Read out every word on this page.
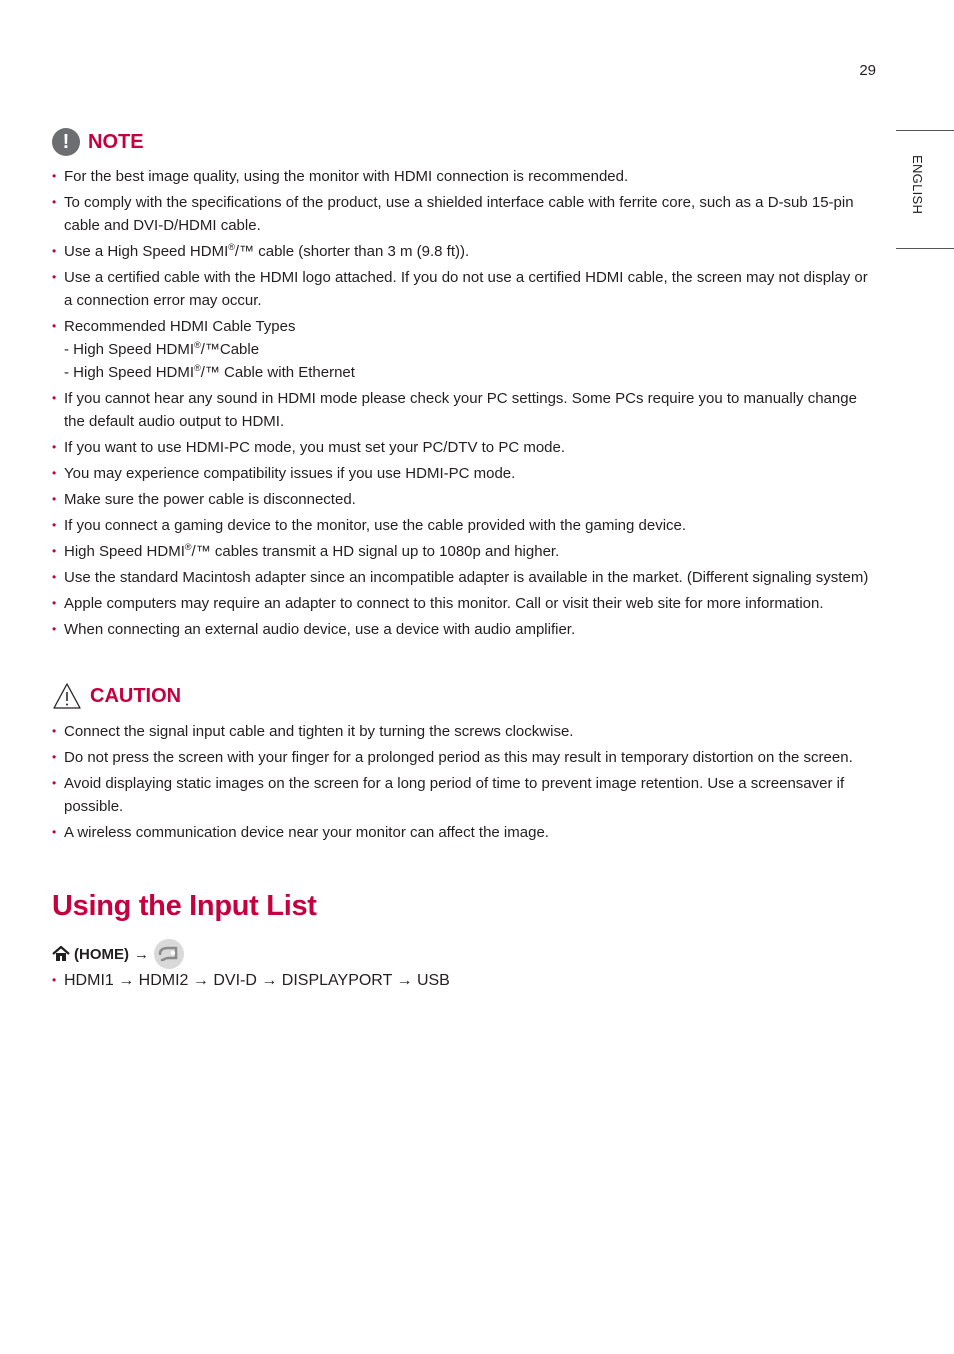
29
ENGLISH
! NOTE
• For the best image quality, using the monitor with HDMI connection is recommended.
• To comply with the specifications of the product, use a shielded interface cable with ferrite core, such as a D-sub 15-pin cable and DVI-D/HDMI cable.
• Use a High Speed HDMI®/™ cable (shorter than 3 m (9.8 ft)).
• Use a certified cable with the HDMI logo attached. If you do not use a certified HDMI cable, the screen may not display or a connection error may occur.
• Recommended HDMI Cable Types
- High Speed HDMI®/™Cable
- High Speed HDMI®/™ Cable with Ethernet
• If you cannot hear any sound in HDMI mode please check your PC settings. Some PCs require you to manually change the default audio output to HDMI.
• If you want to use HDMI-PC mode, you must set your PC/DTV to PC mode.
• You may experience compatibility issues if you use HDMI-PC mode.
• Make sure the power cable is disconnected.
• If you connect a gaming device to the monitor, use the cable provided with the gaming device.
• High Speed HDMI®/™ cables transmit a HD signal up to 1080p and higher.
• Use the standard Macintosh adapter since an incompatible adapter is available in the market. (Different signaling system)
• Apple computers may require an adapter to connect to this monitor. Call or visit their web site for more information.
• When connecting an external audio device, use a device with audio amplifier.
CAUTION
• Connect the signal input cable and tighten it by turning the screws clockwise.
• Do not press the screen with your finger for a prolonged period as this may result in temporary distortion on the screen.
• Avoid displaying static images on the screen for a long period of time to prevent image retention. Use a screensaver if possible.
• A wireless communication device near your monitor can affect the image.
Using the Input List
(HOME) →
• HDMI1 → HDMI2 → DVI-D → DISPLAYPORT → USB
